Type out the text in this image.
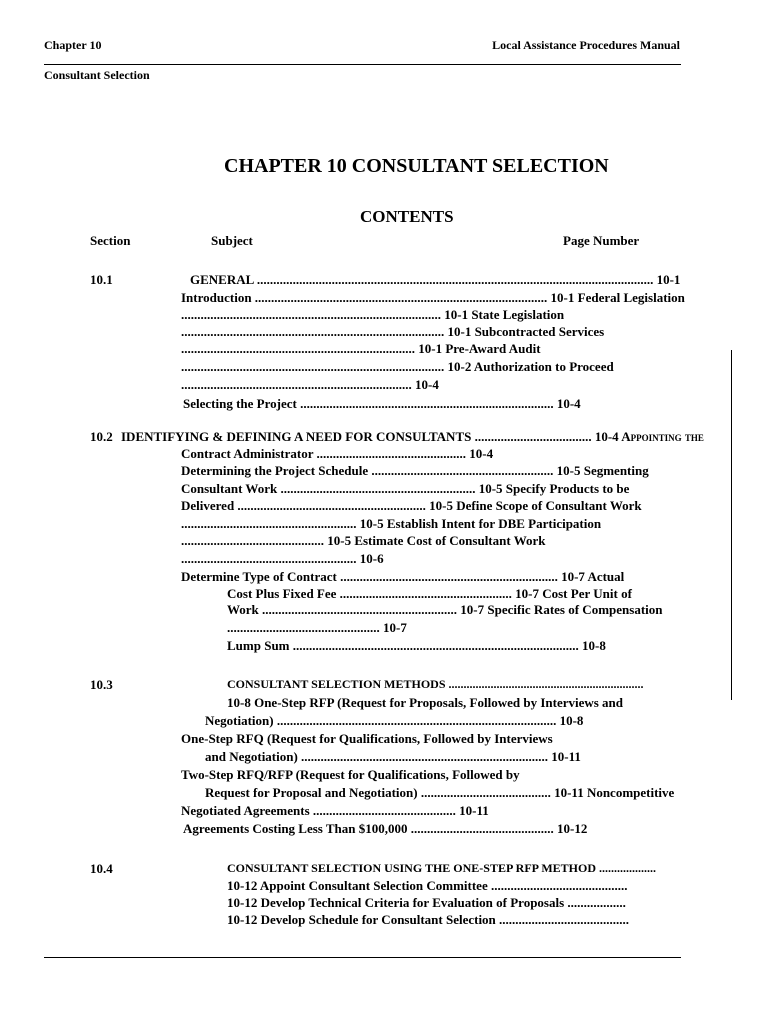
Chapter 10	Local Assistance Procedures Manual
Consultant Selection
CHAPTER 10 CONSULTANT SELECTION
CONTENTS
Section	Subject	Page Number
10.1	GENERAL .......................................................................................................................... 10-1
Introduction .......................................................................................... 10-1 Federal Legislation
................................................................................ 10-1 State Legislation
................................................................................. 10-1 Subcontracted Services
........................................................................ 10-1 Pre-Award Audit
................................................................................. 10-2 Authorization to Proceed
....................................................................... 10-4
Selecting the Project .............................................................................. 10-4
10.2 IDENTIFYING & DEFINING A NEED FOR CONSULTANTS .................................... 10-4 Appointing the
Contract Administrator .............................................. 10-4
Determining the Project Schedule ........................................................ 10-5 Segmenting
Consultant Work ............................................................ 10-5 Specify Products to be
Delivered .......................................................... 10-5 Define Scope of Consultant Work
...................................................... 10-5 Establish Intent for DBE Participation
............................................ 10-5 Estimate Cost of Consultant Work
...................................................... 10-6
Determine Type of Contract ................................................................... 10-7 Actual
Cost Plus Fixed Fee ..................................................... 10-7 Cost Per Unit of
Work ............................................................ 10-7 Specific Rates of Compensation
............................................... 10-7
Lump Sum ........................................................................................ 10-8
10.3	CONSULTANT SELECTION METHODS .................................................................
10-8 One-Step RFP (Request for Proposals, Followed by Interviews and
Negotiation) ...................................................................................... 10-8
One-Step RFQ (Request for Qualifications, Followed by Interviews
and Negotiation) ............................................................................ 10-11
Two-Step RFQ/RFP (Request for Qualifications, Followed by
Request for Proposal and Negotiation) ........................................ 10-11 Noncompetitive
Negotiated Agreements ............................................ 10-11
Agreements Costing Less Than $100,000 ............................................ 10-12
10.4	CONSULTANT SELECTION USING THE ONE-STEP RFP METHOD ...................
10-12 Appoint Consultant Selection Committee ..........................................
10-12 Develop Technical Criteria for Evaluation of Proposals ..................
10-12 Develop Schedule for Consultant Selection ........................................
